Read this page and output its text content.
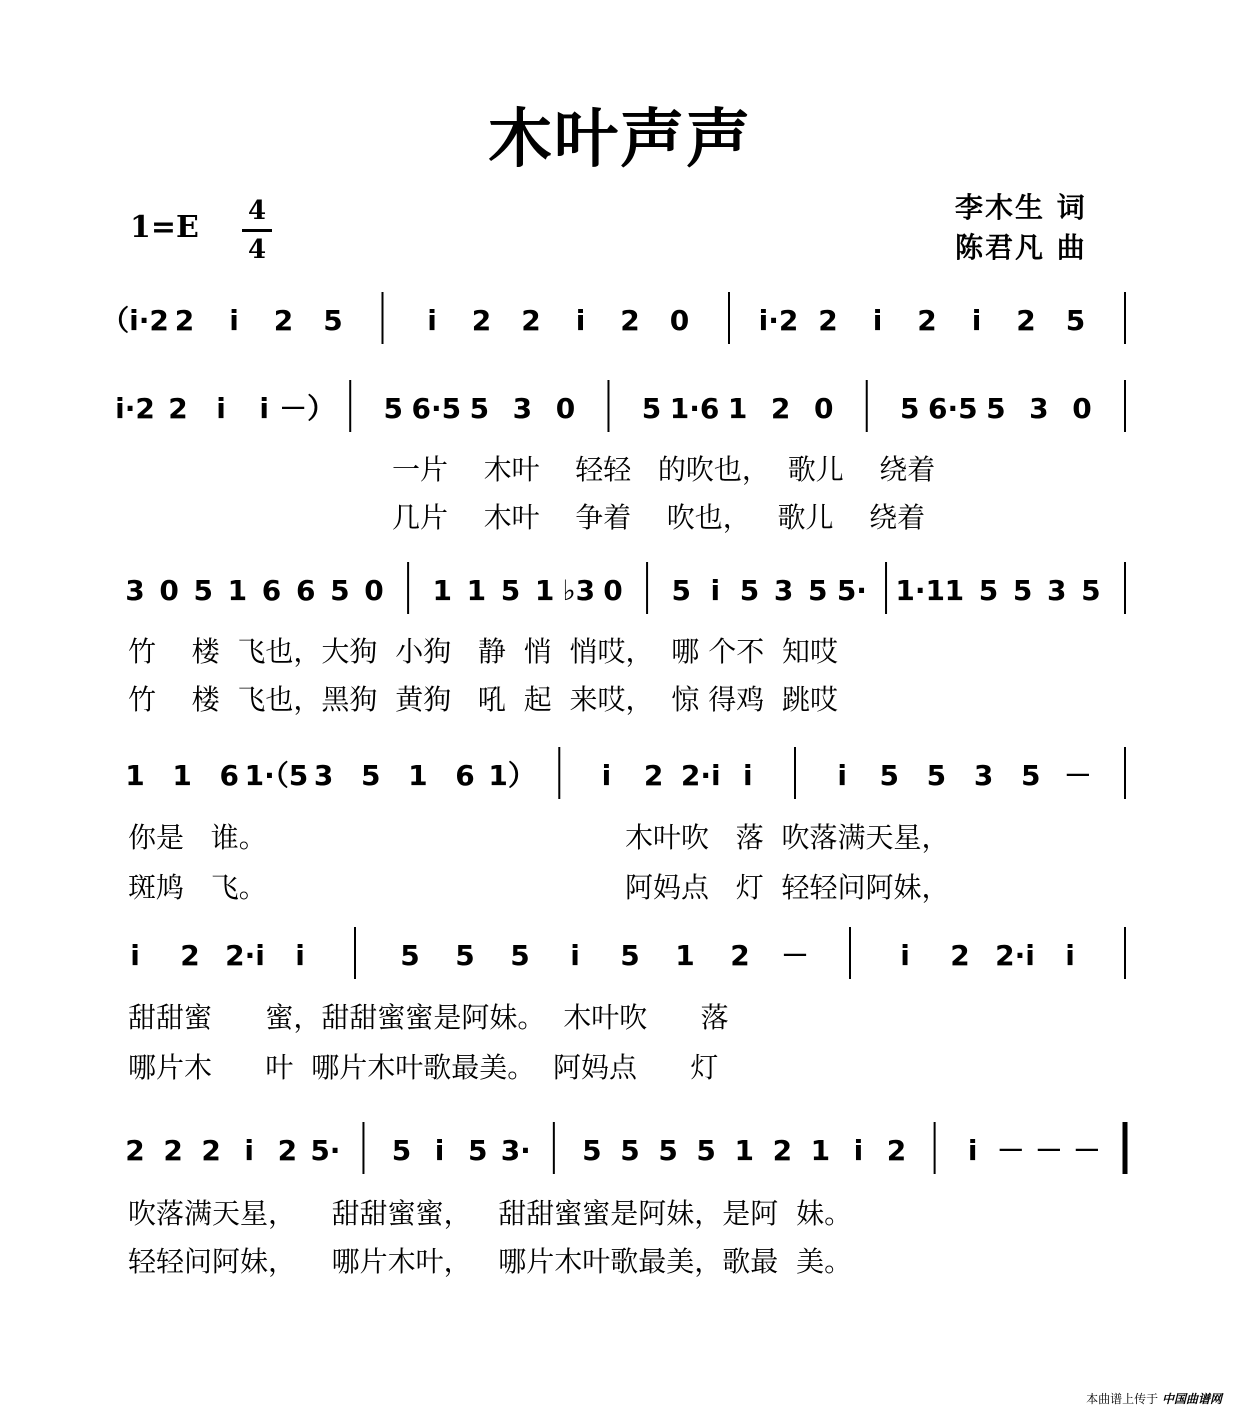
木叶声声
1=E 4
4
李木生 词
陈君凡 曲
（i·2 2 i 2 5	i 2 2 i 2 0 i·2 2 i 2 i 2 5
i·2 2 i i －） 5 6·5 5 3 0 5 1·6 1 2 0 5 6·5 5 3 0
3 0 5 1 6 6 5 0 1 1 5 1 ♭3 0 5 i 5 3 5 5· 1·1 1 5 5 3 5
1 1 6 1·（5 3 5 1 6 1） i 2 2·i i	i 5 5 3 5 －
i 2 2·i i	5 5 5 i 5 1 2 －	i 2 2·i i
2 2 2 i 2 5· 5 i 5 3· 5 5 5 5 1 2 1 i 2 i － － －
一片    木叶    轻轻   的吹也，  歌儿    绕着
几片    木叶    争着    吹也，   歌儿    绕着
竹    楼  飞也，大狗  小狗   静  悄  悄哎，  哪 个不  知哎
竹    楼  飞也，黑狗  黄狗   吼  起  来哎，  惊 得鸡  跳哎
你是   谁。
斑鸠   飞。
木叶吹   落  吹落满天星，
阿妈点   灯  轻轻问阿妹，
甜甜蜜      蜜，甜甜蜜蜜是阿妹。  木叶吹      落
哪片木      叶  哪片木叶歌最美。  阿妈点      灯
吹落满天星，    甜甜蜜蜜，   甜甜蜜蜜是阿妹，是阿  妹。
轻轻问阿妹，    哪片木叶，   哪片木叶歌最美，歌最  美。
本曲谱上传于 中国曲谱网
